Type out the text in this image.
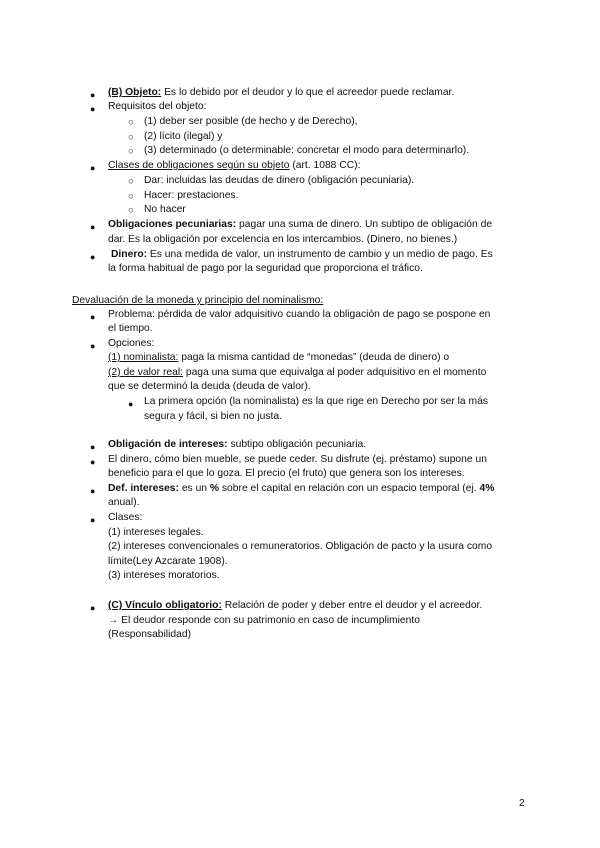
● (B) Objeto: Es lo debido por el deudor y lo que el acreedor puede reclamar.
● Requisitos del objeto:
○ (1) deber ser posible (de hecho y de Derecho),
○ (2) lícito (ilegal) y
○ (3) determinado (o determinable: concretar el modo para determinarlo).
● Clases de obligaciones según su objeto (art. 1088 CC):
○ Dar: incluidas las deudas de dinero (obligación pecuniaria).
○ Hacer: prestaciones.
○ No hacer
● Obligaciones pecuniarias: pagar una suma de dinero. Un subtipo de obligación de
dar. Es la obligación por excelencia en los intercambios. (Dinero, no bienes.)
● Dinero: Es una medida de valor, un instrumento de cambio y un medio de pago. Es
la forma habitual de pago por la seguridad que proporciona el tráfico.
Devaluación de la moneda y principio del nominalismo:
● Problema: pérdida de valor adquisitivo cuando la obligación de pago se pospone en
el tiempo.
● Opciones:
(1) nominalista: paga la misma cantidad de “monedas” (deuda de dinero) o
(2) de valor real: paga una suma que equivalga al poder adquisitivo en el momento
que se determinó la deuda (deuda de valor).
● La primera opción (la nominalista) es la que rige en Derecho por ser la más
segura y fácil, si bien no justa.
● Obligación de intereses: subtipo obligación pecuniaria.
● El dinero, cómo bien mueble, se puede ceder. Su disfrute (ej. préstamo) supone un
beneficio para el que lo goza. El precio (el fruto) que genera son los intereses.
● Def. intereses: es un % sobre el capital en relación con un espacio temporal (ej. 4%
anual).
● Clases:
(1) intereses legales.
(2) intereses convencionales o remuneratorios. Obligación de pacto y la usura como
límite(Ley Azcarate 1908).
(3) intereses moratorios.
● (C) Vínculo obligatorio: Relación de poder y deber entre el deudor y el acreedor.
→ El deudor responde con su patrimonio en caso de incumplimiento
(Responsabilidad)
2
